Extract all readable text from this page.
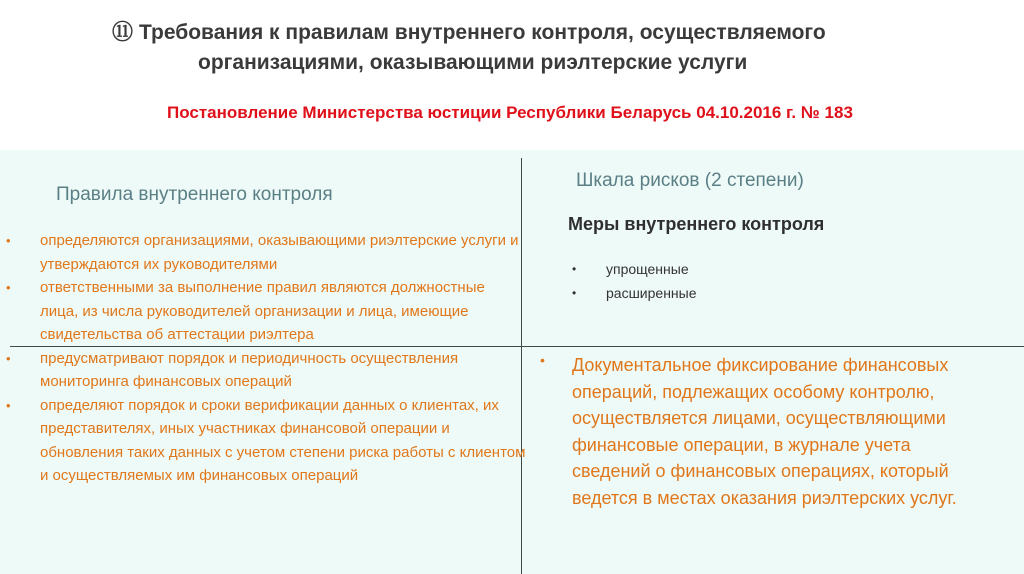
⑪ Требования к правилам внутреннего контроля, осуществляемого
организациями, оказывающими риэлтерские услуги
Постановление Министерства юстиции Республики Беларусь 04.10.2016 г. № 183
Правила внутреннего контроля
Шкала рисков (2 степени)
Меры внутреннего контроля
• определяются организациями, оказывающими риэлтерские услуги и утверждаются их руководителями
• ответственными за выполнение правил являются должностные лица, из числа руководителей организации и лица, имеющие свидетельства об аттестации риэлтера
• предусматривают порядок и периодичность осуществления мониторинга финансовых операций
• определяют порядок и сроки верификации данных о клиентах, их представителях, иных участниках финансовой операции и обновления таких данных с учетом степени риска работы с клиентом и осуществляемых им финансовых операций
• упрощенные
• расширенные
•	Документальное фиксирование финансовых операций, подлежащих особому контролю, осуществляется лицами, осуществляющими финансовые операции, в журнале учета сведений о финансовых операциях, который ведется в местах оказания риэлтерских услуг.
